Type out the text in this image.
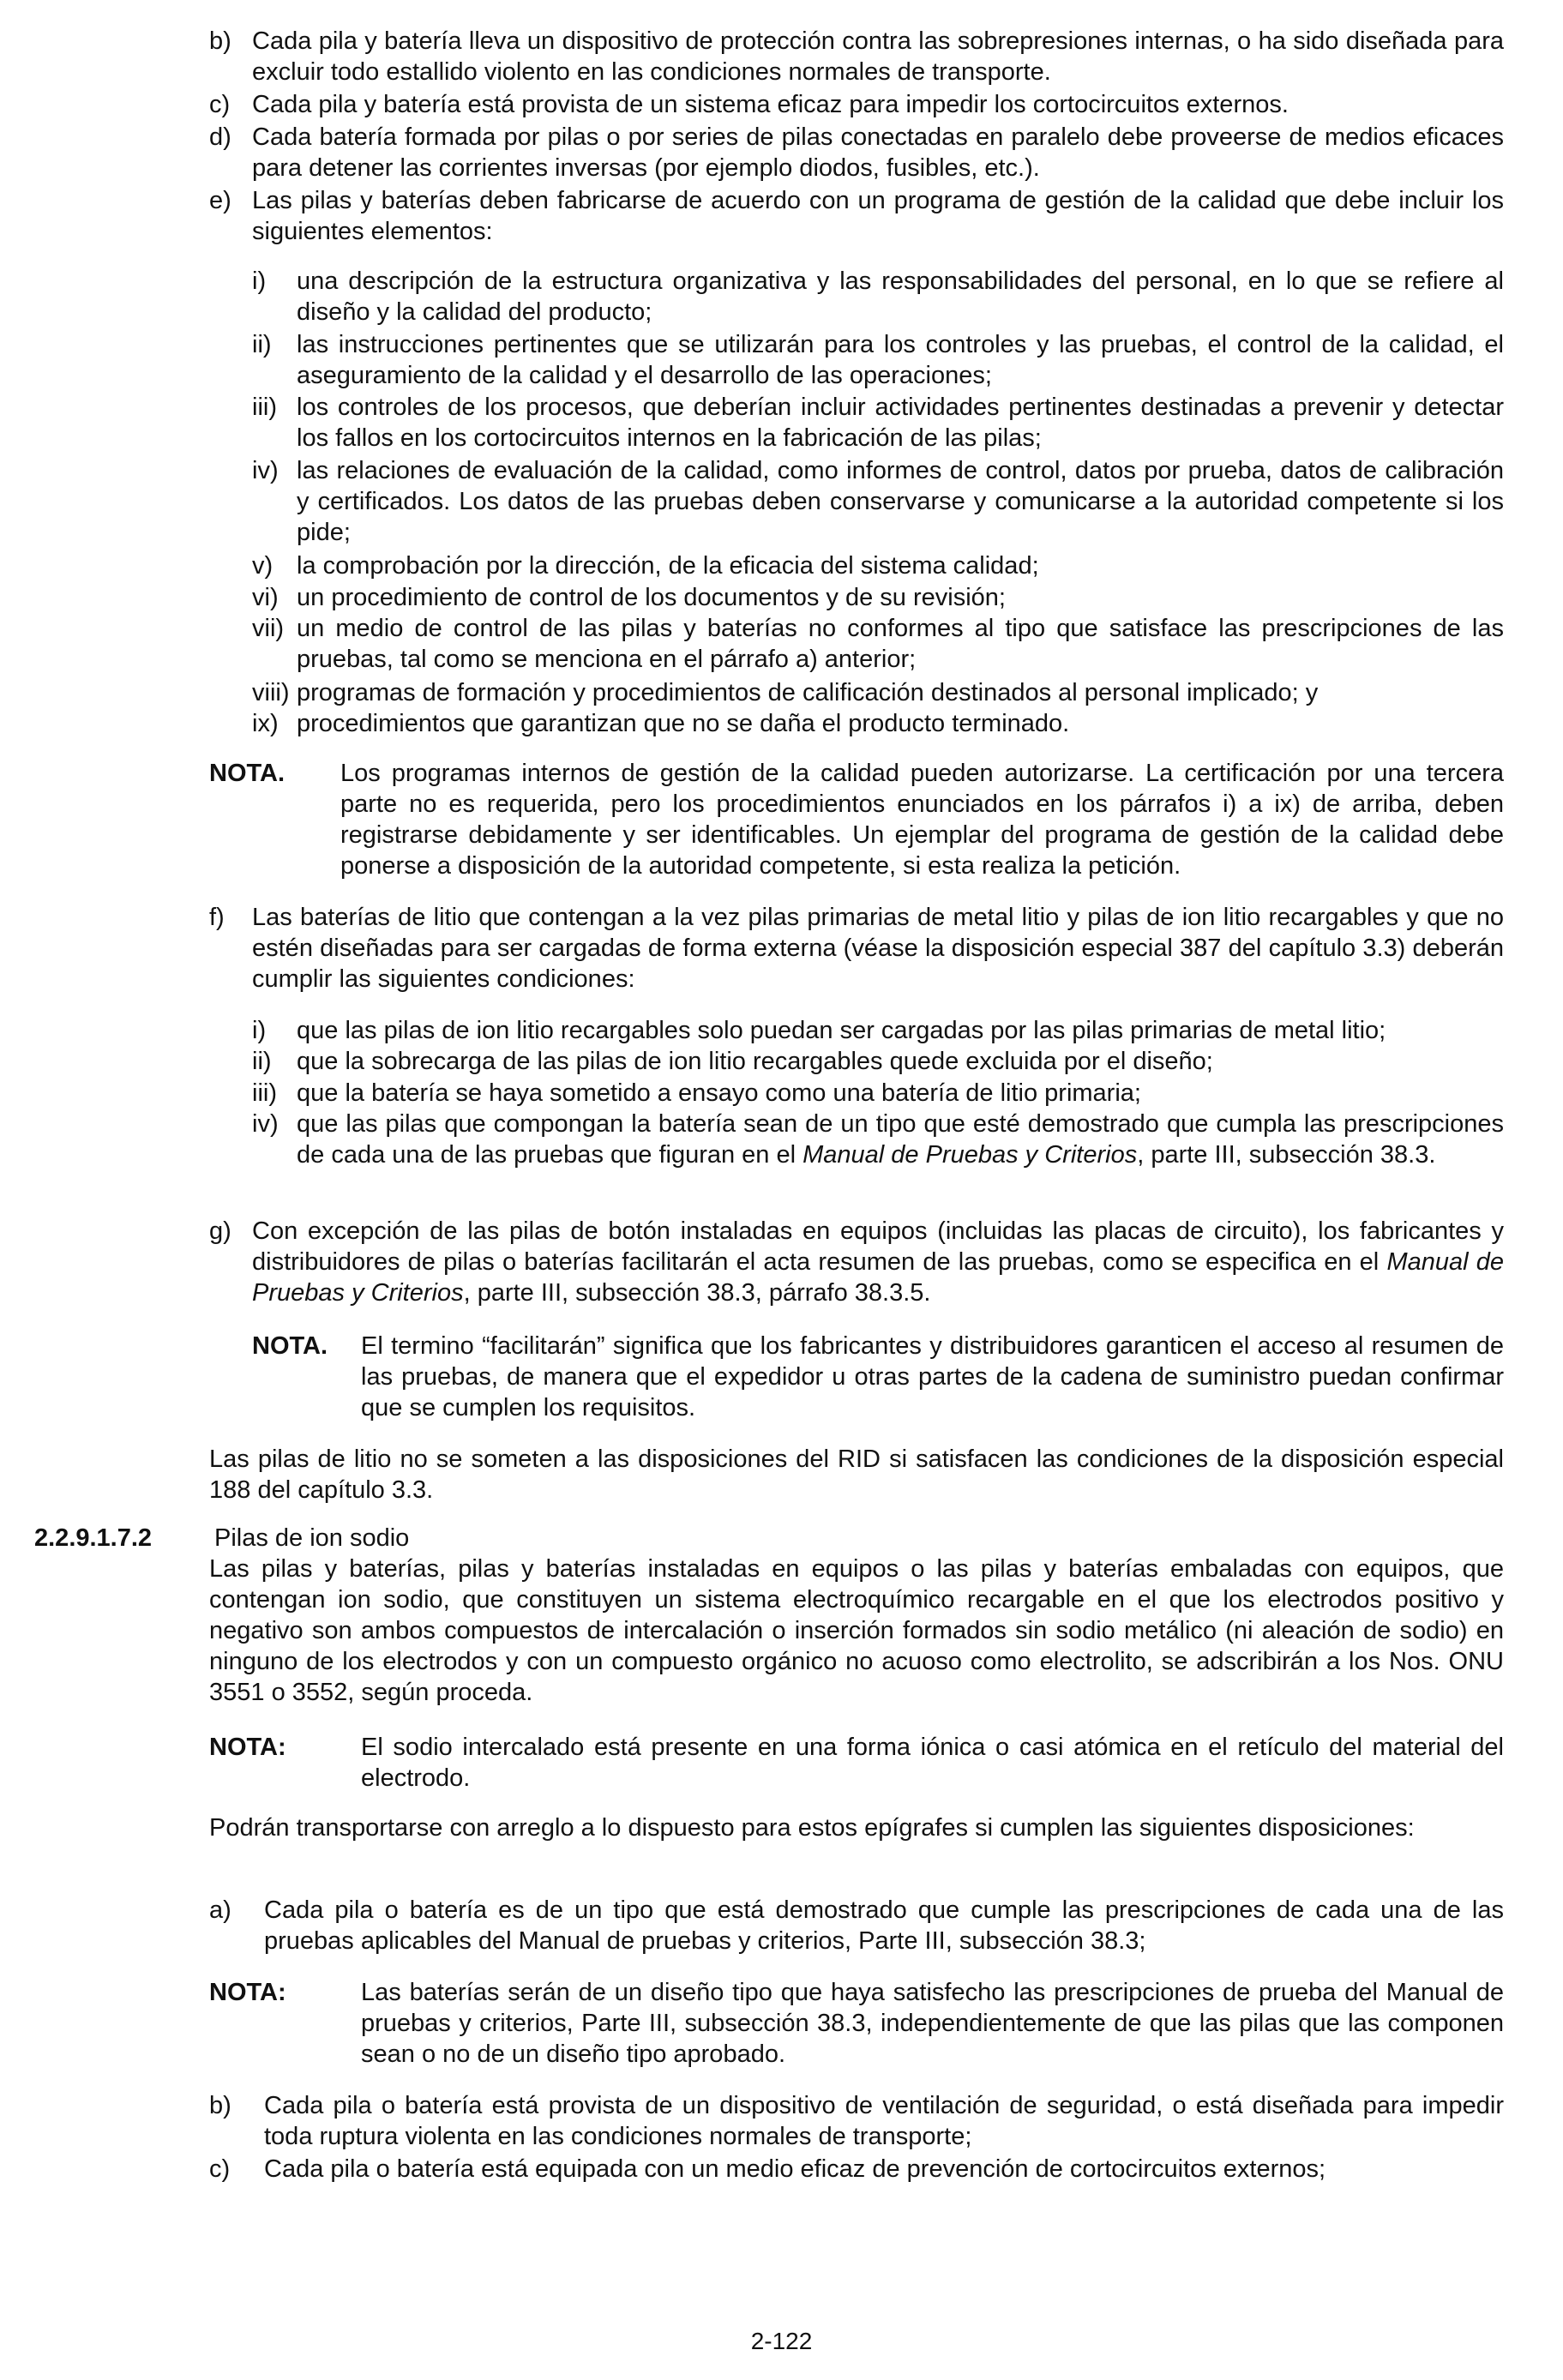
b) Cada pila y batería lleva un dispositivo de protección contra las sobrepresiones internas, o ha sido diseñada para excluir todo estallido violento en las condiciones normales de transporte.
c) Cada pila y batería está provista de un sistema eficaz para impedir los cortocircuitos externos.
d) Cada batería formada por pilas o por series de pilas conectadas en paralelo debe proveerse de medios eficaces para detener las corrientes inversas (por ejemplo diodos, fusibles, etc.).
e) Las pilas y baterías deben fabricarse de acuerdo con un programa de gestión de la calidad que debe incluir los siguientes elementos:
i) una descripción de la estructura organizativa y las responsabilidades del personal, en lo que se refiere al diseño y la calidad del producto;
ii) las instrucciones pertinentes que se utilizarán para los controles y las pruebas, el control de la calidad, el aseguramiento de la calidad y el desarrollo de las operaciones;
iii) los controles de los procesos, que deberían incluir actividades pertinentes destinadas a prevenir y detectar los fallos en los cortocircuitos internos en la fabricación de las pilas;
iv) las relaciones de evaluación de la calidad, como informes de control, datos por prueba, datos de calibración y certificados. Los datos de las pruebas deben conservarse y comunicarse a la autoridad competente si los pide;
v) la comprobación por la dirección, de la eficacia del sistema calidad;
vi) un procedimiento de control de los documentos y de su revisión;
vii) un medio de control de las pilas y baterías no conformes al tipo que satisface las prescripciones de las pruebas, tal como se menciona en el párrafo a) anterior;
viii) programas de formación y procedimientos de calificación destinados al personal implicado; y
ix) procedimientos que garantizan que no se daña el producto terminado.
NOTA. Los programas internos de gestión de la calidad pueden autorizarse. La certificación por una tercera parte no es requerida, pero los procedimientos enunciados en los párrafos i) a ix) de arriba, deben registrarse debidamente y ser identificables. Un ejemplar del programa de gestión de la calidad debe ponerse a disposición de la autoridad competente, si esta realiza la petición.
f) Las baterías de litio que contengan a la vez pilas primarias de metal litio y pilas de ion litio recargables y que no estén diseñadas para ser cargadas de forma externa (véase la disposición especial 387 del capítulo 3.3) deberán cumplir las siguientes condiciones:
i) que las pilas de ion litio recargables solo puedan ser cargadas por las pilas primarias de metal litio;
ii) que la sobrecarga de las pilas de ion litio recargables quede excluida por el diseño;
iii) que la batería se haya sometido a ensayo como una batería de litio primaria;
iv) que las pilas que compongan la batería sean de un tipo que esté demostrado que cumpla las prescripciones de cada una de las pruebas que figuran en el Manual de Pruebas y Criterios, parte III, subsección 38.3.
g) Con excepción de las pilas de botón instaladas en equipos (incluidas las placas de circuito), los fabricantes y distribuidores de pilas o baterías facilitarán el acta resumen de las pruebas, como se especifica en el Manual de Pruebas y Criterios, parte III, subsección 38.3, párrafo 38.3.5.
NOTA. El termino “facilitarán” significa que los fabricantes y distribuidores garanticen el acceso al resumen de las pruebas, de manera que el expedidor u otras partes de la cadena de suministro puedan confirmar que se cumplen los requisitos.
Las pilas de litio no se someten a las disposiciones del RID si satisfacen las condiciones de la disposición especial 188 del capítulo 3.3.
2.2.9.1.7.2	Pilas de ion sodio
Las pilas y baterías, pilas y baterías instaladas en equipos o las pilas y baterías embaladas con equipos, que contengan ion sodio, que constituyen un sistema electroquímico recargable en el que los electrodos positivo y negativo son ambos compuestos de intercalación o inserción formados sin sodio metálico (ni aleación de sodio) en ninguno de los electrodos y con un compuesto orgánico no acuoso como electrolito, se adscribirán a los Nos. ONU 3551 o 3552, según proceda.
NOTA:	El sodio intercalado está presente en una forma iónica o casi atómica en el retículo del material del electrodo.
Podrán transportarse con arreglo a lo dispuesto para estos epígrafes si cumplen las siguientes disposiciones:
a) Cada pila o batería es de un tipo que está demostrado que cumple las prescripciones de cada una de las pruebas aplicables del Manual de pruebas y criterios, Parte III, subsección 38.3;
NOTA:	Las baterías serán de un diseño tipo que haya satisfecho las prescripciones de prueba del Manual de pruebas y criterios, Parte III, subsección 38.3, independientemente de que las pilas que las componen sean o no de un diseño tipo aprobado.
b) Cada pila o batería está provista de un dispositivo de ventilación de seguridad, o está diseñada para impedir toda ruptura violenta en las condiciones normales de transporte;
c) Cada pila o batería está equipada con un medio eficaz de prevención de cortocircuitos externos;
2-122
